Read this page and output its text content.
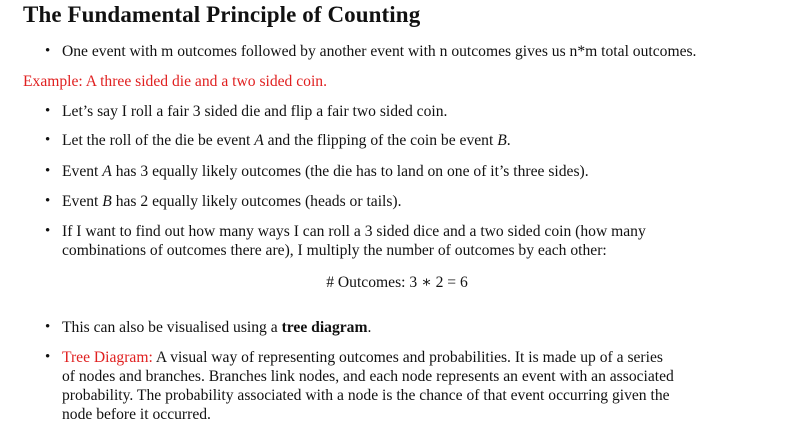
The Fundamental Principle of Counting
• One event with m outcomes followed by another event with n outcomes gives us n*m total outcomes.
Example: A three sided die and a two sided coin.
• Let’s say I roll a fair 3 sided die and flip a fair two sided coin.
• Let the roll of the die be event A and the flipping of the coin be event B.
• Event A has 3 equally likely outcomes (the die has to land on one of it’s three sides).
• Event B has 2 equally likely outcomes (heads or tails).
• If I want to find out how many ways I can roll a 3 sided dice and a two sided coin (how many
combinations of outcomes there are), I multiply the number of outcomes by each other:
# Outcomes: 3 ∗ 2 = 6
• This can also be visualised using a tree diagram.
• Tree Diagram: A visual way of representing outcomes and probabilities. It is made up of a series
of nodes and branches. Branches link nodes, and each node represents an event with an associated
probability. The probability associated with a node is the chance of that event occurring given the
node before it occurred.
